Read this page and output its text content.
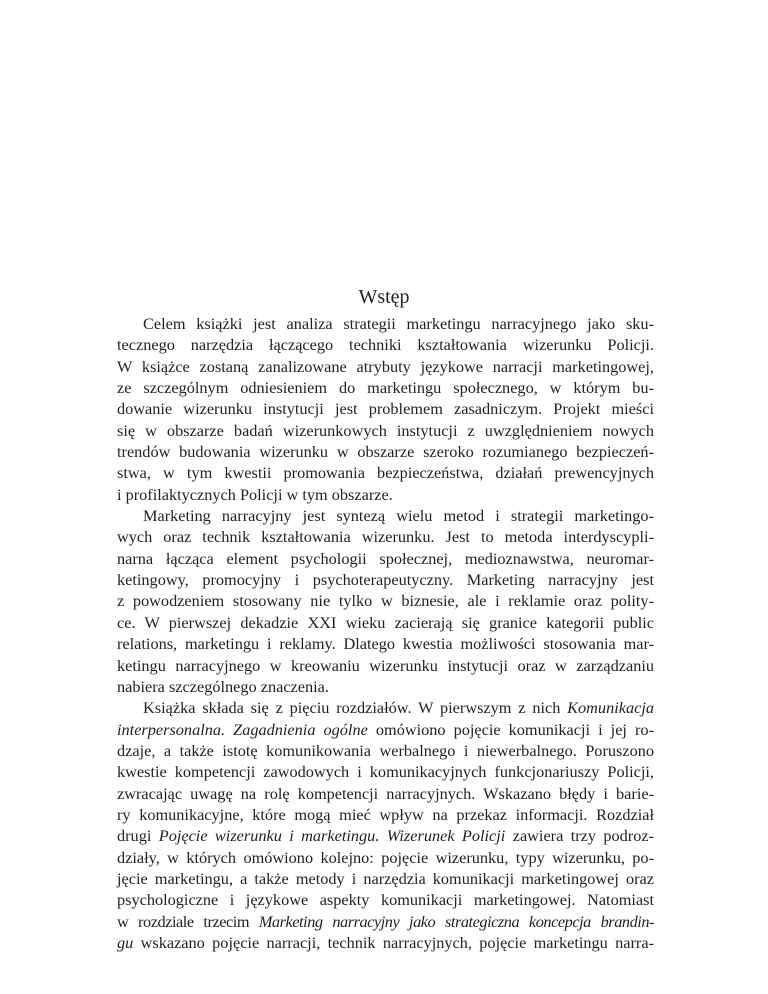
Wstęp
Celem książki jest analiza strategii marketingu narracyjnego jako sku-
tecznego narzędzia łączącego techniki kształtowania wizerunku Policji.
W książce zostaną zanalizowane atrybuty językowe narracji marketingowej,
ze szczególnym odniesieniem do marketingu społecznego, w którym bu-
dowanie wizerunku instytucji jest problemem zasadniczym. Projekt mieści
się w obszarze badań wizerunkowych instytucji z uwzględnieniem nowych
trendów budowania wizerunku w obszarze szeroko rozumianego bezpieczeń-
stwa, w tym kwestii promowania bezpieczeństwa, działań prewencyjnych
i profilaktycznych Policji w tym obszarze.
Marketing narracyjny jest syntezą wielu metod i strategii marketingo-
wych oraz technik kształtowania wizerunku. Jest to metoda interdyscypli-
narna łącząca element psychologii społecznej, medioznawstwa, neuromar-
ketingowy, promocyjny i psychoterapeutyczny. Marketing narracyjny jest
z powodzeniem stosowany nie tylko w biznesie, ale i reklamie oraz polity-
ce. W pierwszej dekadzie XXI wieku zacierają się granice kategorii public
relations, marketingu i reklamy. Dlatego kwestia możliwości stosowania mar-
ketingu narracyjnego w kreowaniu wizerunku instytucji oraz w zarządzaniu
nabiera szczególnego znaczenia.
Książka składa się z pięciu rozdziałów. W pierwszym z nich Komunikacja
interpersonalna. Zagadnienia ogólne omówiono pojęcie komunikacji i jej ro-
dzaje, a także istotę komunikowania werbalnego i niewerbalnego. Poruszono
kwestie kompetencji zawodowych i komunikacyjnych funkcjonariuszy Policji,
zwracając uwagę na rolę kompetencji narracyjnych. Wskazano błędy i barie-
ry komunikacyjne, które mogą mieć wpływ na przekaz informacji. Rozdział
drugi Pojęcie wizerunku i marketingu. Wizerunek Policji zawiera trzy podroz-
działy, w których omówiono kolejno: pojęcie wizerunku, typy wizerunku, po-
jęcie marketingu, a także metody i narzędzia komunikacji marketingowej oraz
psychologiczne i językowe aspekty komunikacji marketingowej. Natomiast
w rozdziale trzecim Marketing narracyjny jako strategiczna koncepcja brandin-
gu wskazano pojęcie narracji, technik narracyjnych, pojęcie marketingu narra-
